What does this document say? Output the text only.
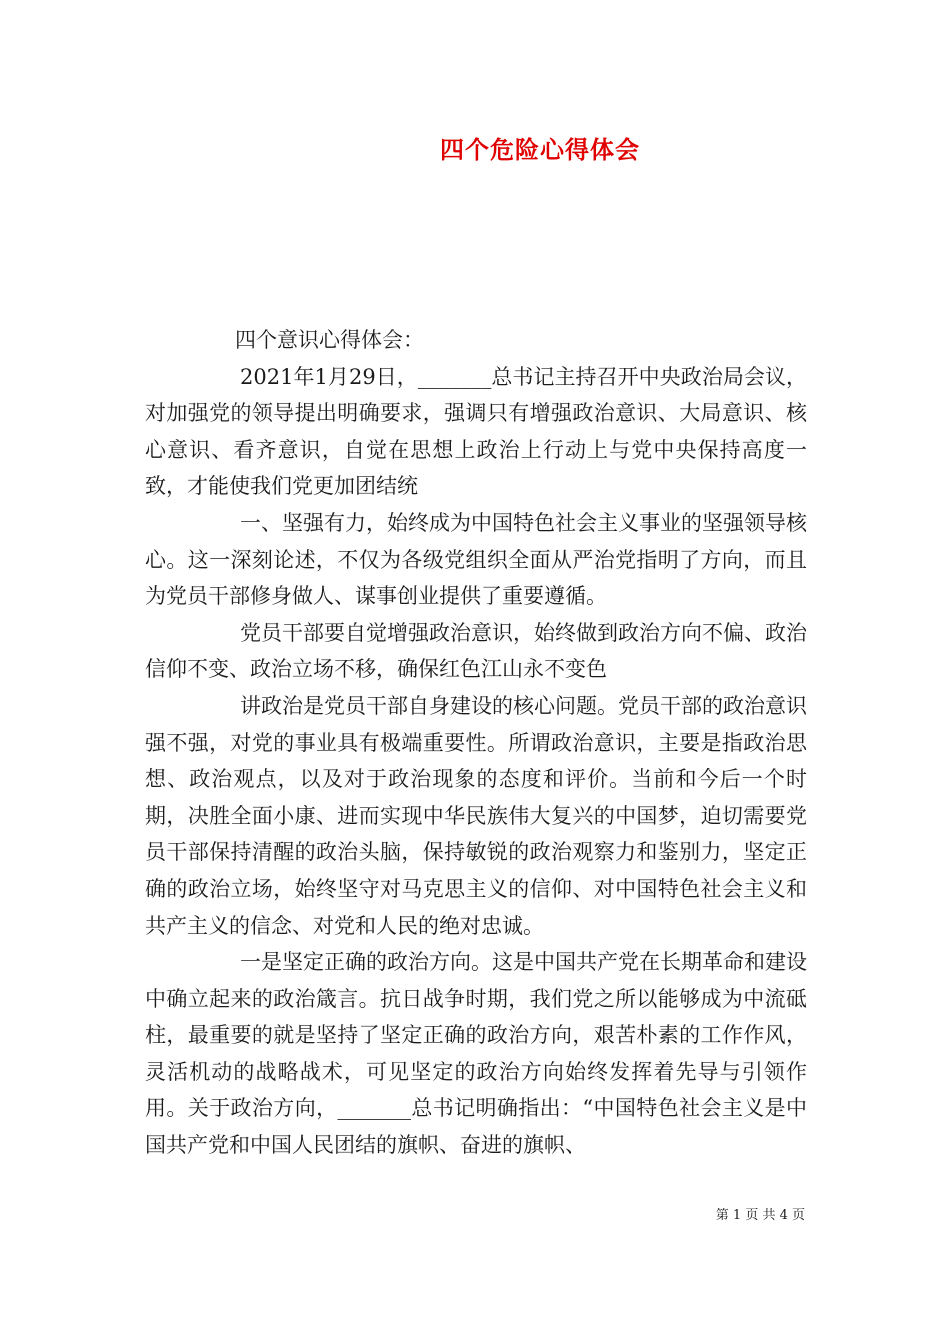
四个危险心得体会

四个意识心得体会：

2021年1月29日，_______总书记主持召开中央政治局会议，对加强党的领导提出明确要求，强调只有增强政治意识、大局意识、核心意识、看齐意识，自觉在思想上政治上行动上与党中央保持高度一致，才能使我们党更加团结统

一、坚强有力，始终成为中国特色社会主义事业的坚强领导核心。这一深刻论述，不仅为各级党组织全面从严治党指明了方向，而且为党员干部修身做人、谋事创业提供了重要遵循。

党员干部要自觉增强政治意识，始终做到政治方向不偏、政治信仰不变、政治立场不移，确保红色江山永不变色

讲政治是党员干部自身建设的核心问题。党员干部的政治意识强不强，对党的事业具有极端重要性。所谓政治意识，主要是指政治思想、政治观点，以及对于政治现象的态度和评价。当前和今后一个时期，决胜全面小康、进而实现中华民族伟大复兴的中国梦，迫切需要党员干部保持清醒的政治头脑，保持敏锐的政治观察力和鉴别力，坚定正确的政治立场，始终坚守对马克思主义的信仰、对中国特色社会主义和共产主义的信念、对党和人民的绝对忠诚。

一是坚定正确的政治方向。这是中国共产党在长期革命和建设中确立起来的政治箴言。抗日战争时期，我们党之所以能够成为中流砥柱，最重要的就是坚持了坚定正确的政治方向，艰苦朴素的工作作风，灵活机动的战略战术，可见坚定的政治方向始终发挥着先导与引领作用。关于政治方向，_______总书记明确指出：“中国特色社会主义是中国共产党和中国人民团结的旗帜、奋进的旗帜、

第 1 页 共 4 页
